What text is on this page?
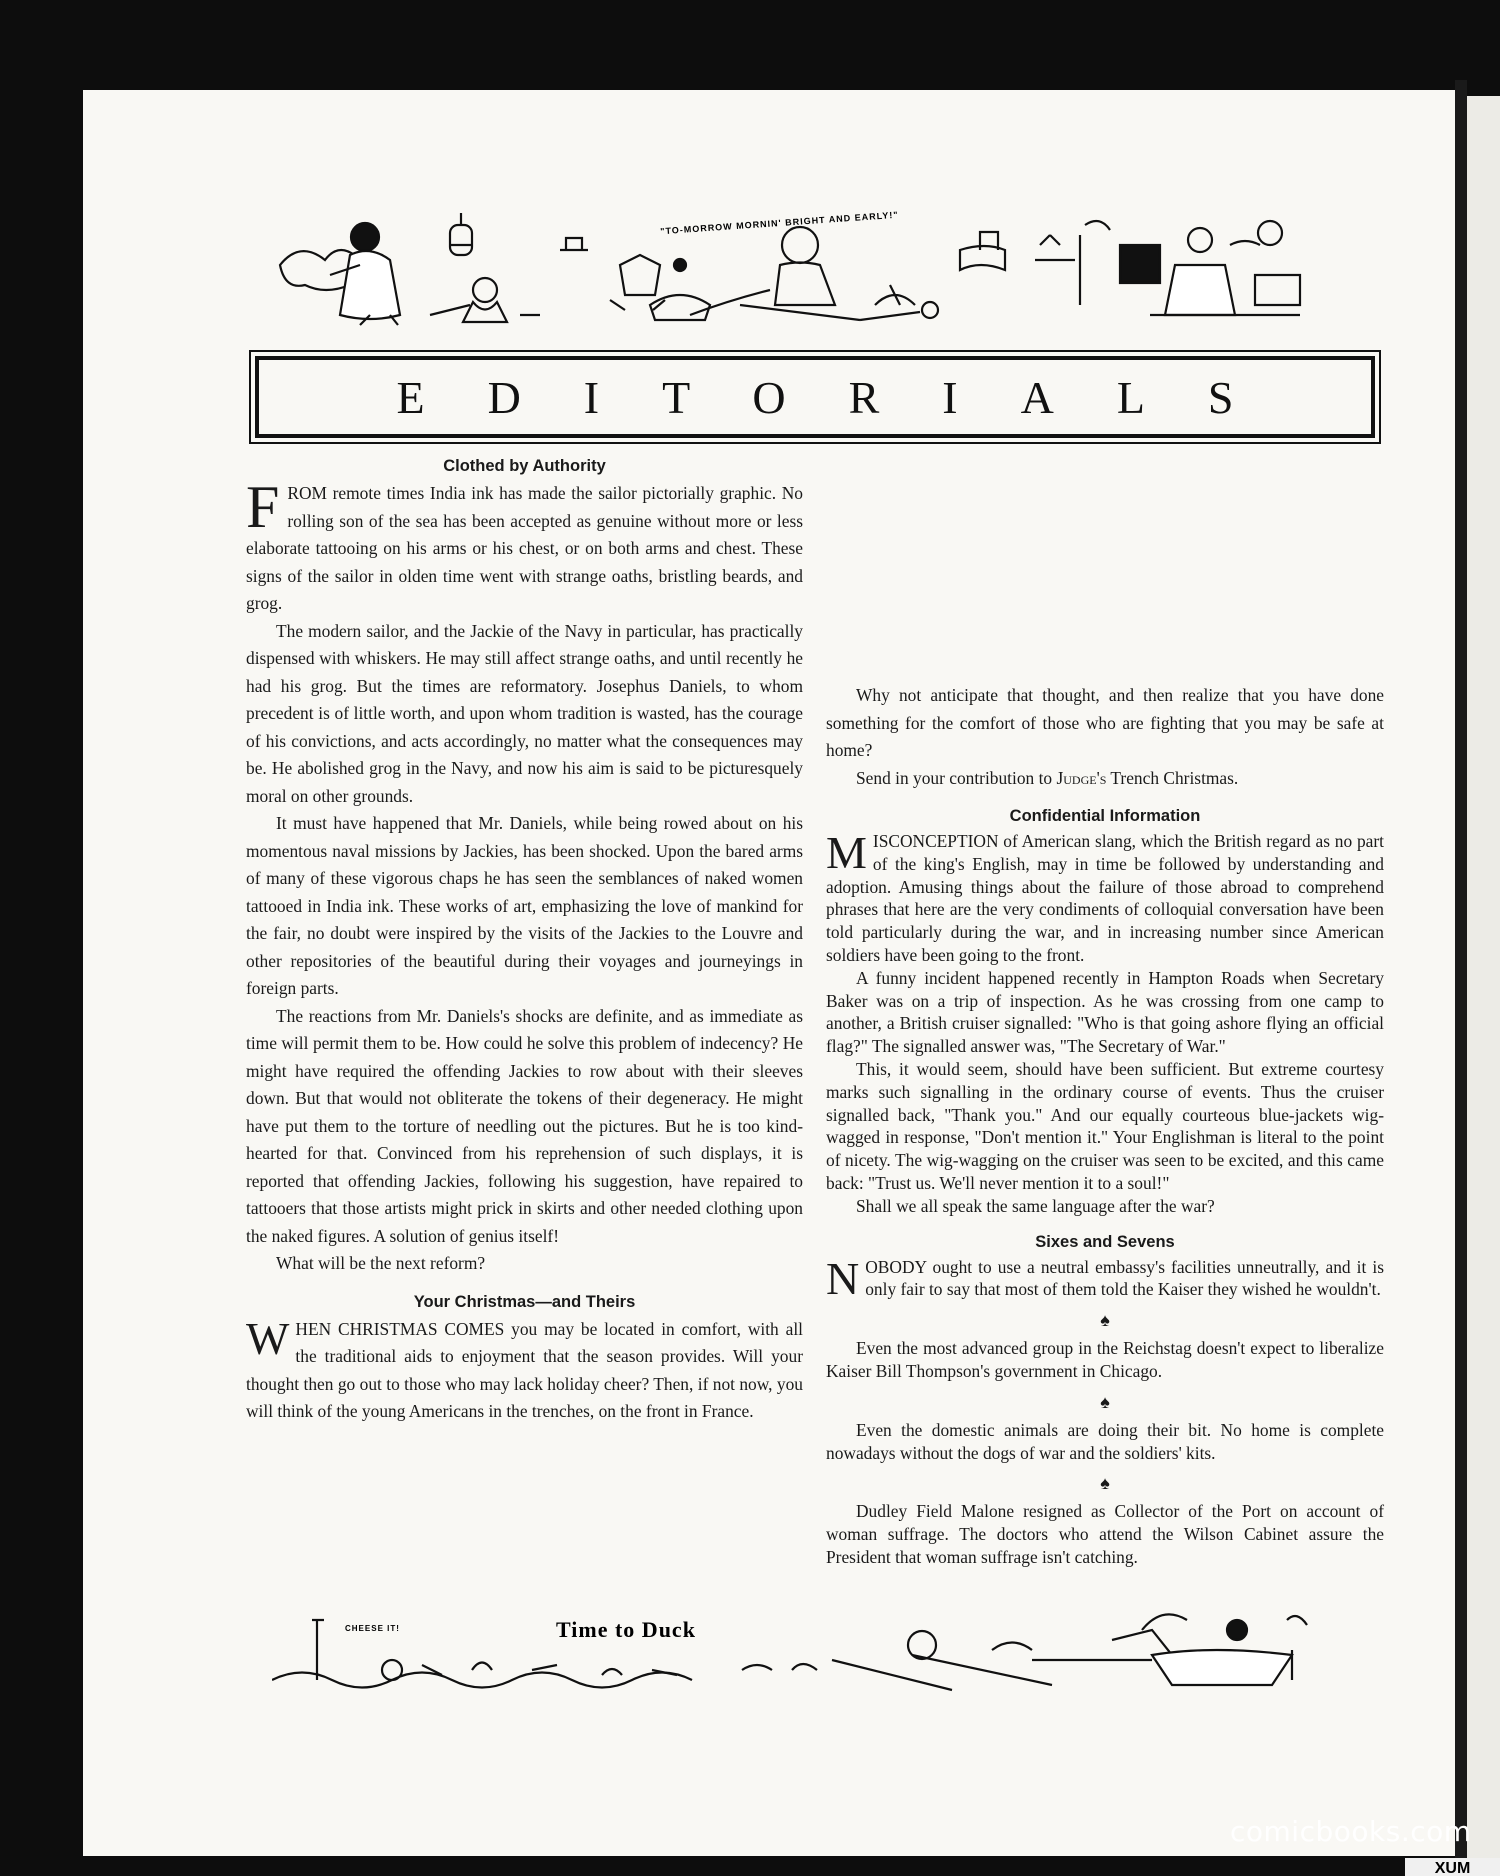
"TO-MORROW MORNIN' BRIGHT AND EARLY!"
EDITORIALS
Clothed by Authority

FROM remote times India ink has made the sailor pictorially graphic. No rolling son of the sea has been accepted as genuine without more or less elaborate tattooing on his arms or his chest, or on both arms and chest. These signs of the sailor in olden time went with strange oaths, bristling beards, and grog.

The modern sailor, and the Jackie of the Navy in particular, has practically dispensed with whiskers. He may still affect strange oaths, and until recently he had his grog. But the times are reformatory. Josephus Daniels, to whom precedent is of little worth, and upon whom tradition is wasted, has the courage of his convictions, and acts accordingly, no matter what the consequences may be. He abolished grog in the Navy, and now his aim is said to be picturesquely moral on other grounds.

It must have happened that Mr. Daniels, while being rowed about on his momentous naval missions by Jackies, has been shocked. Upon the bared arms of many of these vigorous chaps he has seen the semblances of naked women tattooed in India ink. These works of art, emphasizing the love of mankind for the fair, no doubt were inspired by the visits of the Jackies to the Louvre and other repositories of the beautiful during their voyages and journeyings in foreign parts.

The reactions from Mr. Daniels's shocks are definite, and as immediate as time will permit them to be. How could he solve this problem of indecency? He might have required the offending Jackies to row about with their sleeves down. But that would not obliterate the tokens of their degeneracy. He might have put them to the torture of needling out the pictures. But he is too kind-hearted for that. Convinced from his reprehension of such displays, it is reported that offending Jackies, following his suggestion, have repaired to tattooers that those artists might prick in skirts and other needed clothing upon the naked figures. A solution of genius itself!

What will be the next reform?

Your Christmas—and Theirs

WHEN CHRISTMAS COMES you may be located in comfort, with all the traditional aids to enjoyment that the season provides. Will your thought then go out to those who may lack holiday cheer? Then, if not now, you will think of the young Americans in the trenches, on the front in France.

Why not anticipate that thought, and then realize that you have done something for the comfort of those who are fighting that you may be safe at home?

Send in your contribution to Judge's Trench Christmas.

Confidential Information

MISCONCEPTION of American slang, which the British regard as no part of the king's English, may in time be followed by understanding and adoption. Amusing things about the failure of those abroad to comprehend phrases that here are the very condiments of colloquial conversation have been told particularly during the war, and in increasing number since American soldiers have been going to the front.

A funny incident happened recently in Hampton Roads when Secretary Baker was on a trip of inspection. As he was crossing from one camp to another, a British cruiser signalled: "Who is that going ashore flying an official flag?" The signalled answer was, "The Secretary of War."

This, it would seem, should have been sufficient. But extreme courtesy marks such signalling in the ordinary course of events. Thus the cruiser signalled back, "Thank you." And our equally courteous blue-jackets wig-wagged in response, "Don't mention it." Your Englishman is literal to the point of nicety. The wig-wagging on the cruiser was seen to be excited, and this came back: "Trust us. We'll never mention it to a soul!"

Shall we all speak the same language after the war?

Sixes and Sevens

NOBODY ought to use a neutral embassy's facilities unneutrally, and it is only fair to say that most of them told the Kaiser they wished he wouldn't.

♠

Even the most advanced group in the Reichstag doesn't expect to liberalize Kaiser Bill Thompson's government in Chicago.

♠

Even the domestic animals are doing their bit. No home is complete nowadays without the dogs of war and the soldiers' kits.

♠

Dudley Field Malone resigned as Collector of the Port on account of woman suffrage. The doctors who attend the Wilson Cabinet assure the President that woman suffrage isn't catching.

CHEESE IT!	Time to Duck
comicbooks.com
XUM
